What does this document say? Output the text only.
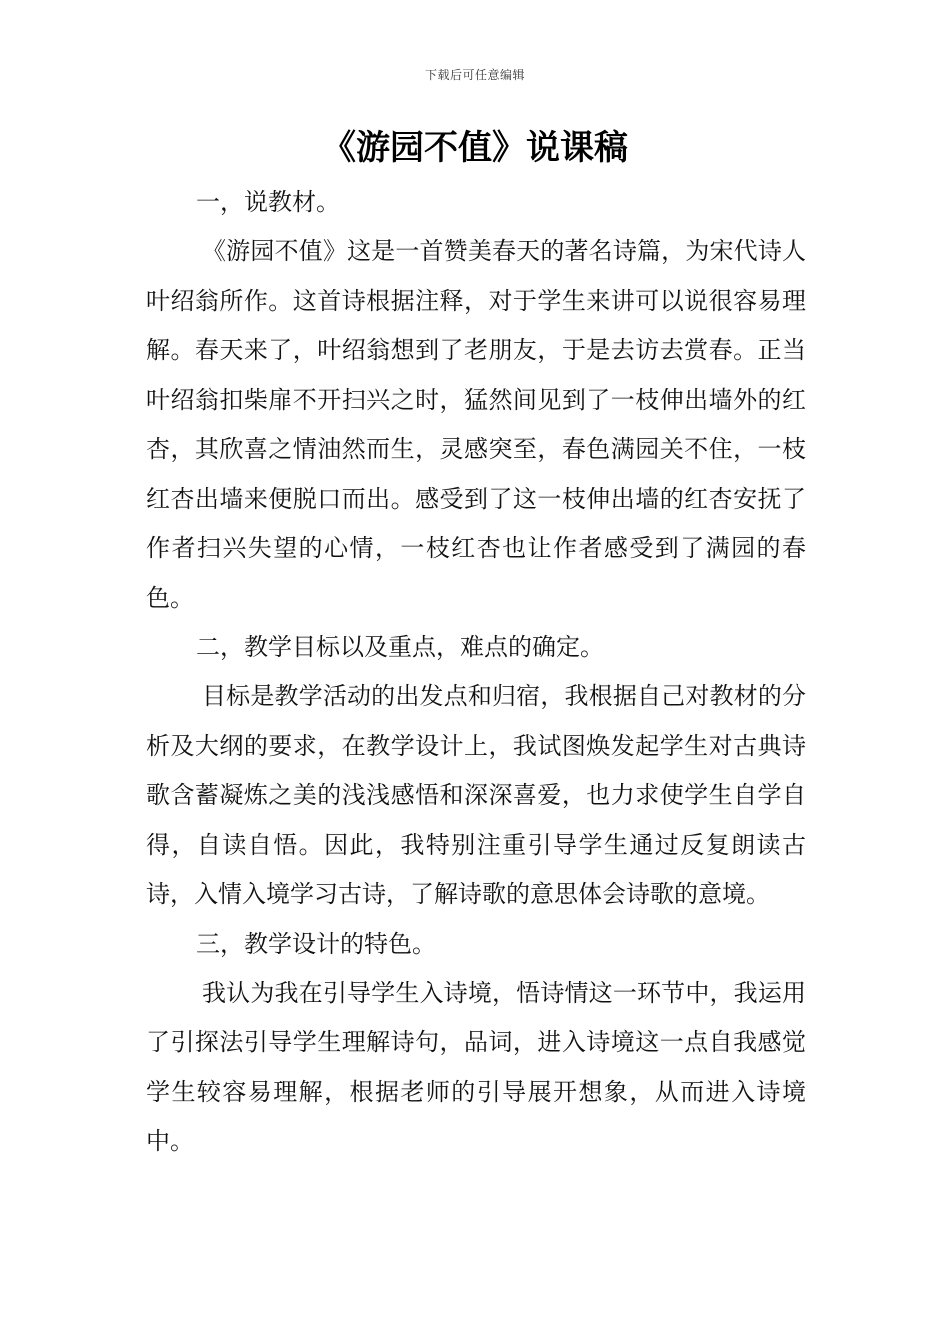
下载后可任意编辑
《游园不值》说课稿

一，说教材。

《游园不值》这是一首赞美春天的著名诗篇，为宋代诗人叶绍翁所作。这首诗根据注释，对于学生来讲可以说很容易理解。春天来了，叶绍翁想到了老朋友，于是去访去赏春。正当叶绍翁扣柴扉不开扫兴之时，猛然间见到了一枝伸出墙外的红杏，其欣喜之情油然而生，灵感突至，春色满园关不住，一枝红杏出墙来便脱口而出。感受到了这一枝伸出墙的红杏安抚了作者扫兴失望的心情，一枝红杏也让作者感受到了满园的春色。

二，教学目标以及重点，难点的确定。

目标是教学活动的出发点和归宿，我根据自己对教材的分析及大纲的要求，在教学设计上，我试图焕发起学生对古典诗歌含蓄凝炼之美的浅浅感悟和深深喜爱，也力求使学生自学自得，自读自悟。因此，我特别注重引导学生通过反复朗读古诗，入情入境学习古诗，了解诗歌的意思体会诗歌的意境。

三，教学设计的特色。

我认为我在引导学生入诗境，悟诗情这一环节中，我运用了引探法引导学生理解诗句，品词，进入诗境这一点自我感觉学生较容易理解，根据老师的引导展开想象，从而进入诗境中。
